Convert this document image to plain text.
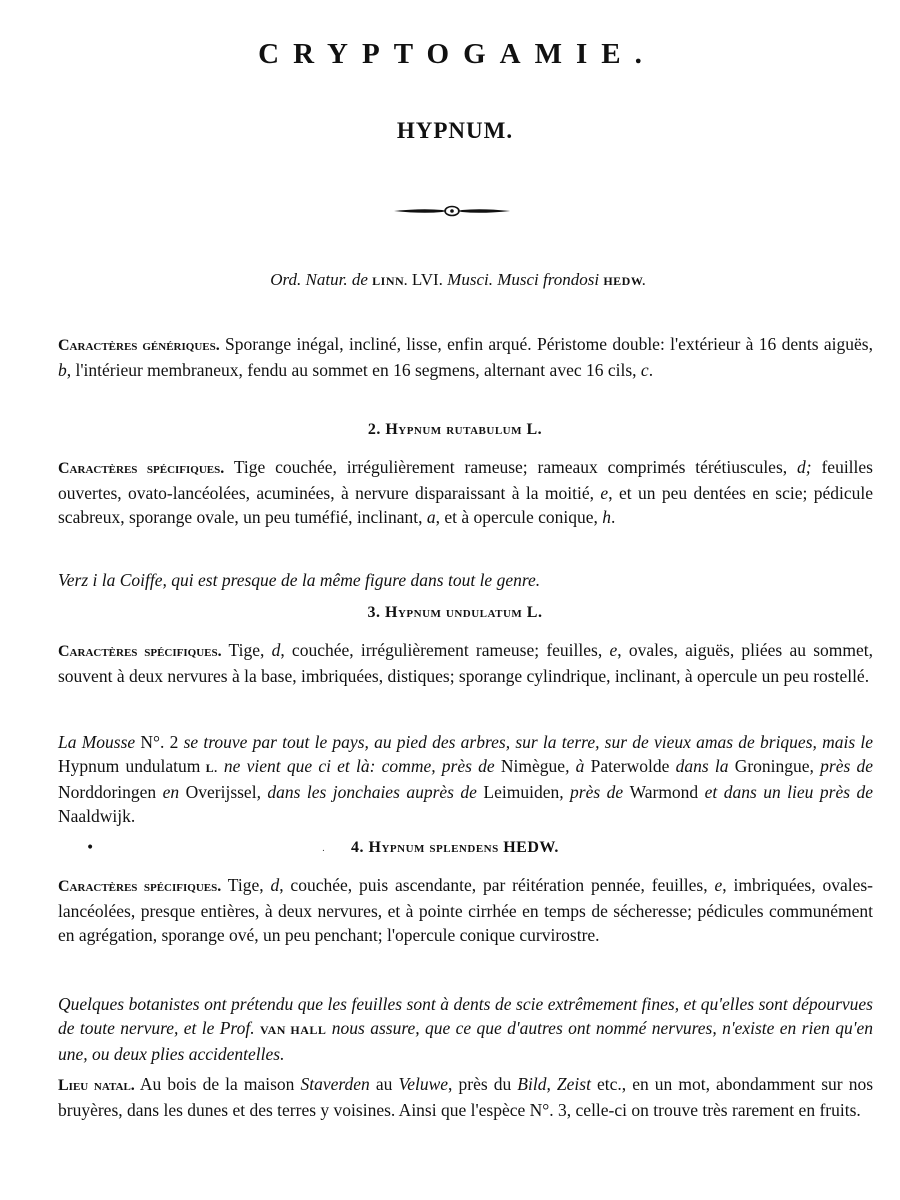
CRYPTOGAMIE.
HYPNUM.
Ord. Natur. de LINN. LVI. Musci. Musci frondosi HEDW.
Caractères génériques. Sporange inégal, incliné, lisse, enfin arqué. Péristome double: l'extérieur à 16 dents aiguës, b, l'intérieur membraneux, fendu au sommet en 16 segmens, alternant avec 16 cils, c.
2. Hypnum rutabulum L.
Caractères spécifiques. Tige couchée, irrégulièrement rameuse; rameaux comprimés térétiuscules, d; feuilles ouvertes, ovato-lancéolées, acuminées, à nervure disparaissant à la moitié, e, et un peu dentées en scie; pédicule scabreux, sporange ovale, un peu tuméfié, inclinant, a, et à opercule conique, h.
Verz i la Coiffe, qui est presque de la même figure dans tout le genre.
3. Hypnum undulatum L.
Caractères spécifiques. Tige, d, couchée, irrégulièrement rameuse; feuilles, e, ovales, aiguës, pliées au sommet, souvent à deux nervures à la base, imbriquées, distiques; sporange cylindrique, inclinant, à opercule un peu rostellé.
La Mousse N°. 2 se trouve par tout le pays, au pied des arbres, sur la terre, sur de vieux amas de briques, mais le Hypnum undulatum L. ne vient que ci et là: comme, près de Nimègue, à Paterwolde dans la Groningue, près de Norddoringen en Overijssel, dans les jonchaies auprès de Leimuiden, près de Warmond et dans un lieu près de Naaldwijk.
•	4. Hypnum splendens HEDW.
Caractères spécifiques. Tige, d, couchée, puis ascendante, par réitération pennée, feuilles, e, imbriquées, ovales-lancéolées, presque entières, à deux nervures, et à pointe cirrhée en temps de sécheresse; pédicules communément en agrégation, sporange ové, un peu penchant; l'opercule conique curvirostre.
Quelques botanistes ont prétendu que les feuilles sont à dents de scie extrêmement fines, et qu'elles sont dépourvues de toute nervure, et le Prof. VAN HALL nous assure, que ce que d'autres ont nommé nervures, n'existe en rien qu'en une, ou deux plies accidentelles.
Lieu natal. Au bois de la maison Staverden au Veluwe, près du Bild, Zeist etc., en un mot, abondamment sur nos bruyères, dans les dunes et des terres y voisines. Ainsi que l'espèce N°. 3, celle-ci on trouve très rarement en fruits.
.
